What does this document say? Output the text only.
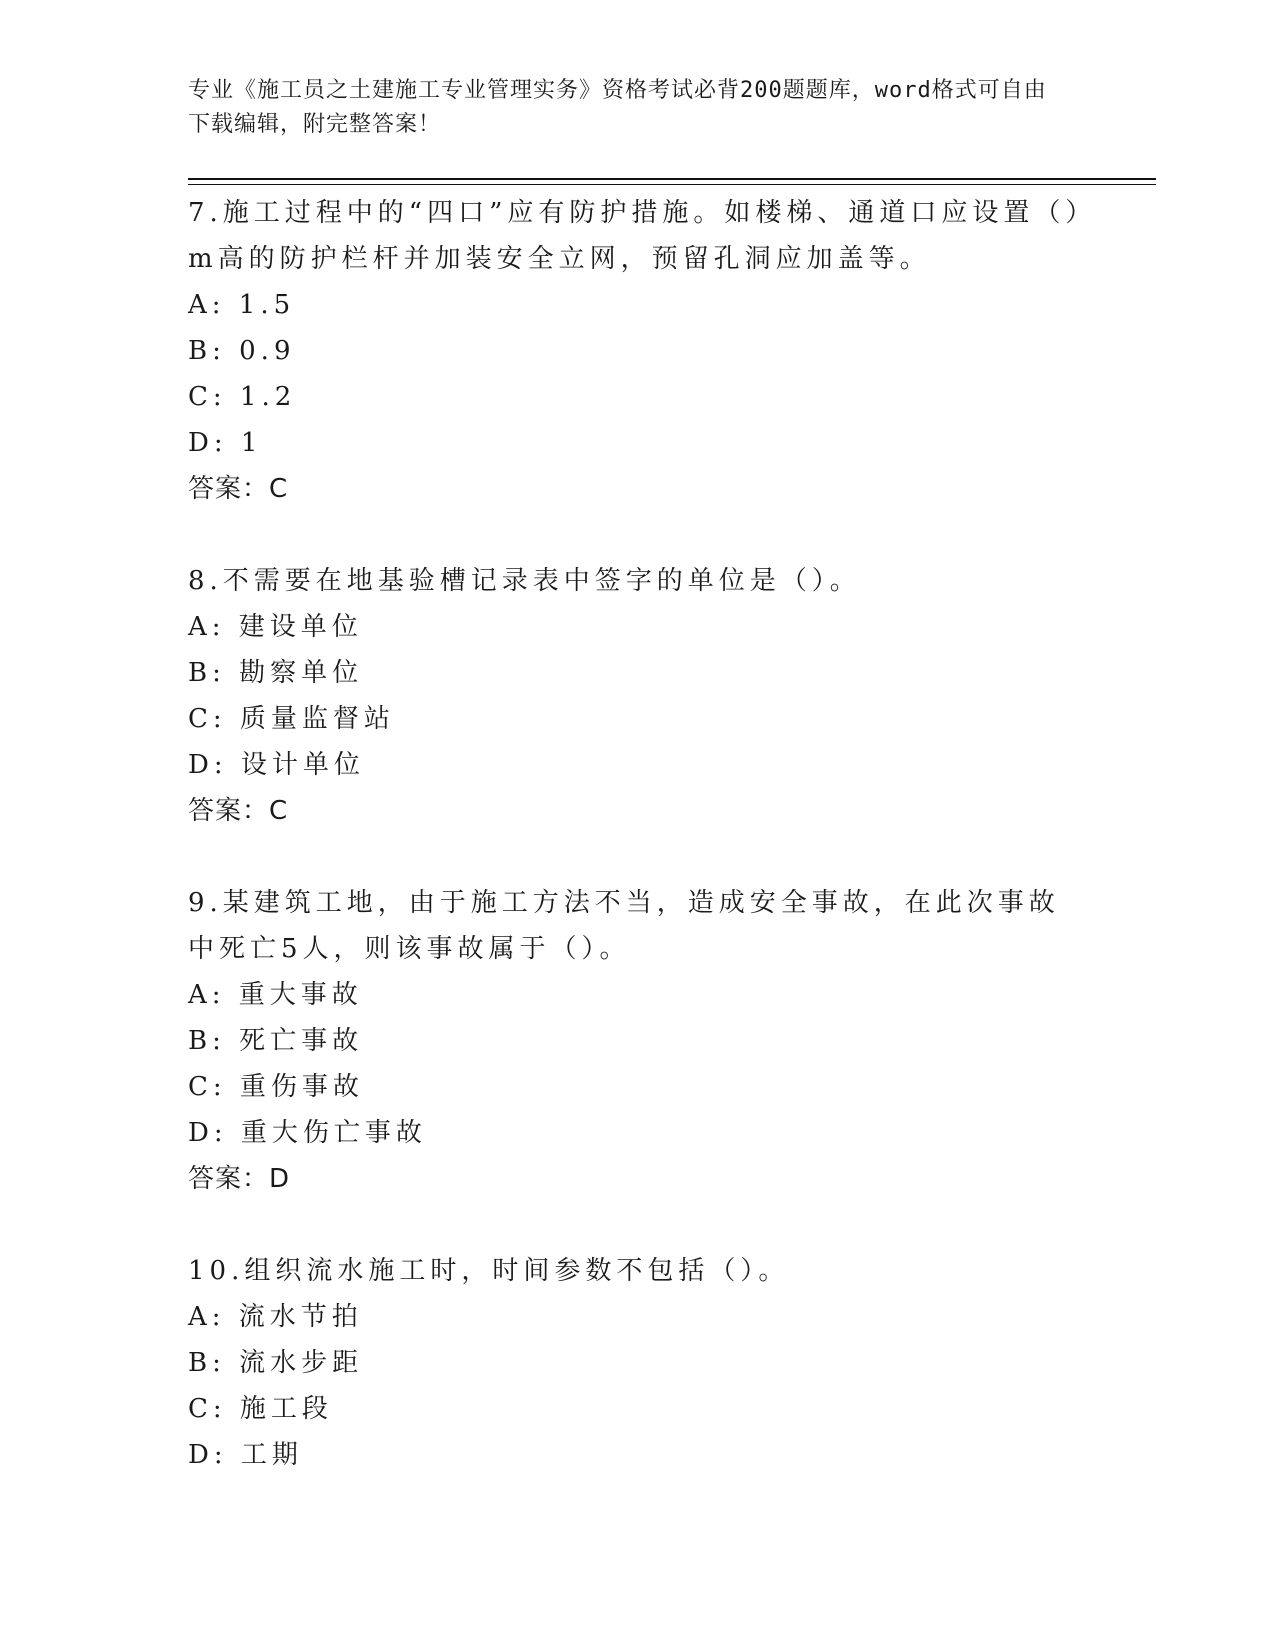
专业《施工员之土建施工专业管理实务》资格考试必背200题题库，word格式可自由下载编辑，附完整答案！
7.施工过程中的“四口”应有防护措施。如楼梯、通道口应设置（）m高的防护栏杆并加装安全立网，预留孔洞应加盖等。
A: 1.5
B: 0.9
C: 1.2
D: 1
答案：C
8.不需要在地基验槽记录表中签字的单位是（）。
A: 建设单位
B: 勘察单位
C: 质量监督站
D: 设计单位
答案：C
9.某建筑工地，由于施工方法不当，造成安全事故，在此次事故中死亡5人，则该事故属于（）。
A: 重大事故
B: 死亡事故
C: 重伤事故
D: 重大伤亡事故
答案：D
10.组织流水施工时，时间参数不包括（）。
A: 流水节拍
B: 流水步距
C: 施工段
D: 工期
